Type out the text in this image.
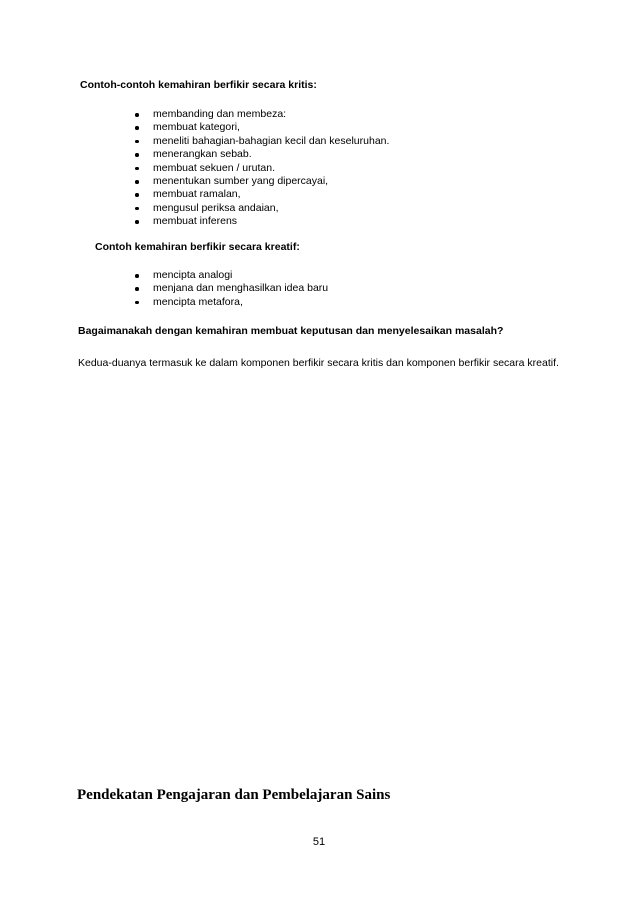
Contoh-contoh kemahiran berfikir secara kritis:
membanding dan membeza:
membuat kategori,
meneliti bahagian-bahagian kecil dan keseluruhan.
menerangkan sebab.
membuat sekuen / urutan.
menentukan sumber yang dipercayai,
membuat ramalan,
mengusul periksa andaian,
membuat inferens
Contoh kemahiran berfikir secara kreatif:
mencipta analogi
menjana dan menghasilkan idea baru
mencipta metafora,
Bagaimanakah dengan kemahiran membuat keputusan dan menyelesaikan masalah?
Kedua-duanya termasuk ke dalam komponen berfikir secara kritis dan komponen berfikir secara kreatif.
Pendekatan Pengajaran dan Pembelajaran Sains
51
